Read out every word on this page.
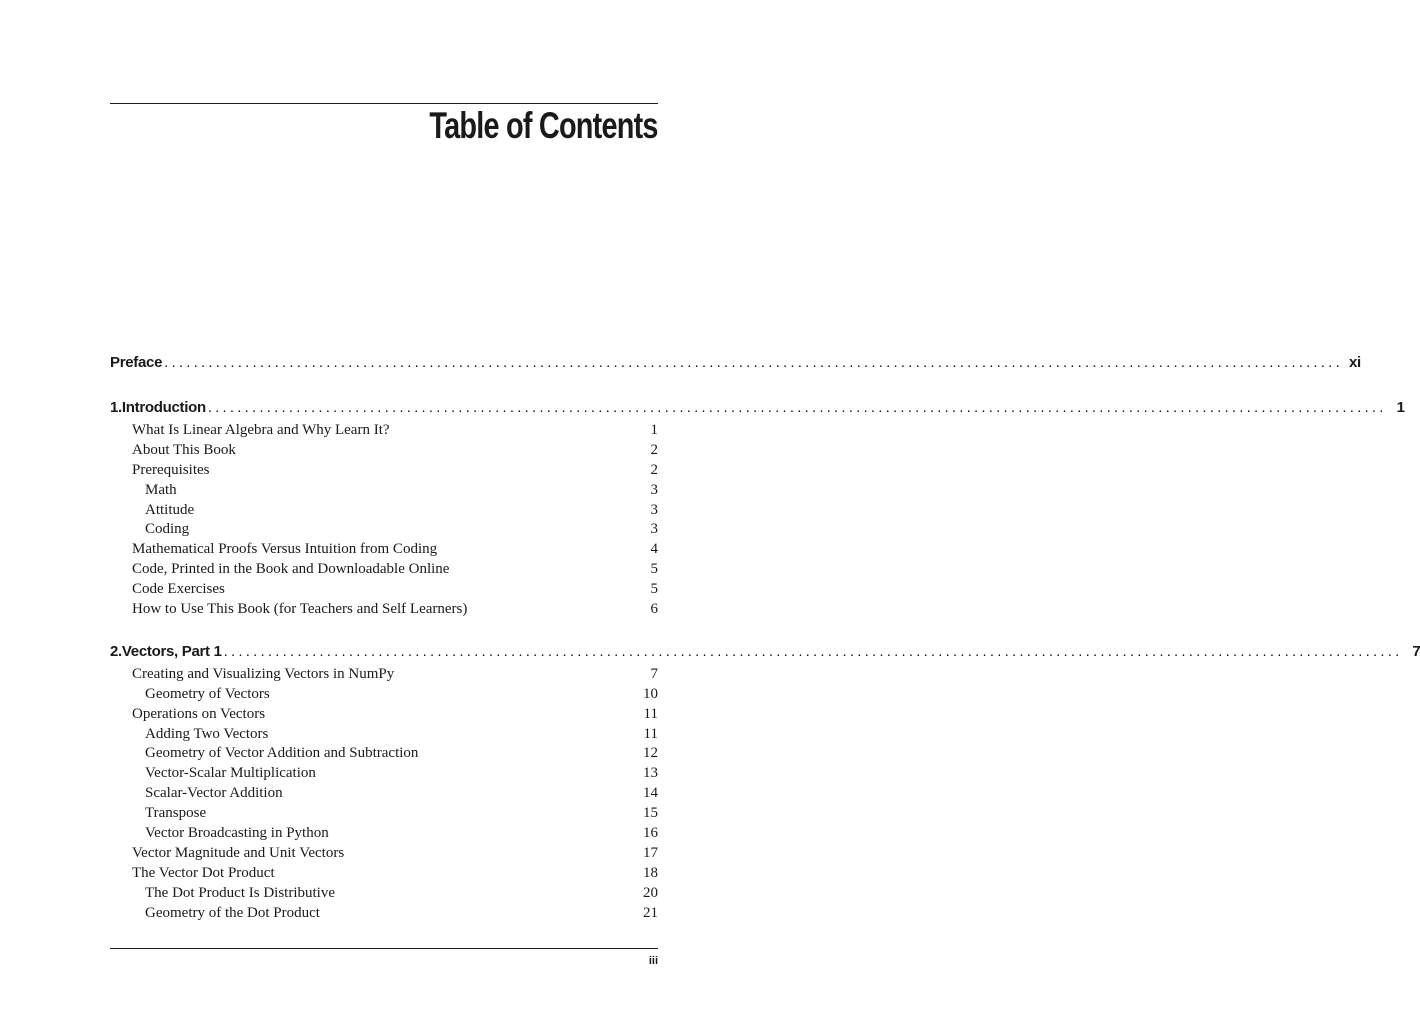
Table of Contents
Preface ................................................................................................................................................................ xi
1. Introduction ................................................................................................................................................................ 1
What Is Linear Algebra and Why Learn It?	1
About This Book	2
Prerequisites	2
Math	3
Attitude	3
Coding	3
Mathematical Proofs Versus Intuition from Coding	4
Code, Printed in the Book and Downloadable Online	5
Code Exercises	5
How to Use This Book (for Teachers and Self Learners)	6
2. Vectors, Part 1 ................................................................................................................................................................ 7
Creating and Visualizing Vectors in NumPy	7
Geometry of Vectors	10
Operations on Vectors	11
Adding Two Vectors	11
Geometry of Vector Addition and Subtraction	12
Vector-Scalar Multiplication	13
Scalar-Vector Addition	14
Transpose	15
Vector Broadcasting in Python	16
Vector Magnitude and Unit Vectors	17
The Vector Dot Product	18
The Dot Product Is Distributive	20
Geometry of the Dot Product	21
iii
